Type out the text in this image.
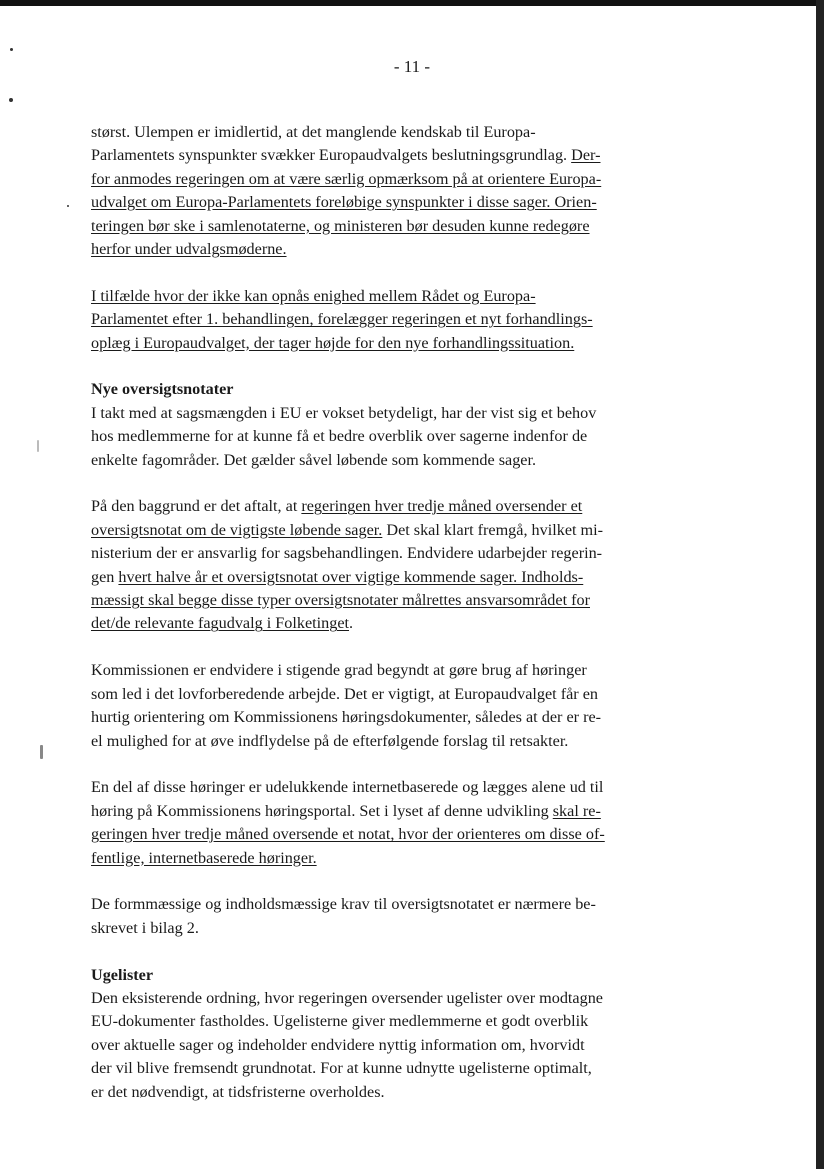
- 11 -

størst. Ulempen er imidlertid, at det manglende kendskab til Europa-
Parlamentets synspunkter svækker Europaudvalgets beslutningsgrundlag. Der-
for anmodes regeringen om at være særlig opmærksom på at orientere Europa-
udvalget om Europa-Parlamentets foreløbige synspunkter i disse sager. Orien-
teringen bør ske i samlenotaterne, og ministeren bør desuden kunne redegøre
herfor under udvalgsmøderne.

I tilfælde hvor der ikke kan opnås enighed mellem Rådet og Europa-
Parlamentet efter 1. behandlingen, forelægger regeringen et nyt forhandlings-
oplæg i Europaudvalget, der tager højde for den nye forhandlingssituation.

Nye oversigtsnotater
I takt med at sagsmængden i EU er vokset betydeligt, har der vist sig et behov
hos medlemmerne for at kunne få et bedre overblik over sagerne indenfor de
enkelte fagområder. Det gælder såvel løbende som kommende sager.

På den baggrund er det aftalt, at regeringen hver tredje måned oversender et
oversigtsnotat om de vigtigste løbende sager. Det skal klart fremgå, hvilket mi-
nisterium der er ansvarlig for sagsbehandlingen. Endvidere udarbejder regerin-
gen hvert halve år et oversigtsnotat over vigtige kommende sager. Indholds-
mæssigt skal begge disse typer oversigtsnotater målrettes ansvarsområdet for
det/de relevante fagudvalg i Folketinget.

Kommissionen er endvidere i stigende grad begyndt at gøre brug af høringer
som led i det lovforberedende arbejde. Det er vigtigt, at Europaudvalget får en
hurtig orientering om Kommissionens høringsdokumenter, således at der er re-
el mulighed for at øve indflydelse på de efterfølgende forslag til retsakter.

En del af disse høringer er udelukkende internetbaserede og lægges alene ud til
høring på Kommissionens høringsportal. Set i lyset af denne udvikling skal re-
geringen hver tredje måned oversende et notat, hvor der orienteres om disse of-
fentlige, internetbaserede høringer.

De formmæssige og indholdsmæssige krav til oversigtsnotatet er nærmere be-
skrevet i bilag 2.

Ugelister
Den eksisterende ordning, hvor regeringen oversender ugelister over modtagne
EU-dokumenter fastholdes. Ugelisterne giver medlemmerne et godt overblik
over aktuelle sager og indeholder endvidere nyttig information om, hvorvidt
der vil blive fremsendt grundnotat. For at kunne udnytte ugelisterne optimalt,
er det nødvendigt, at tidsfristerne overholdes.
